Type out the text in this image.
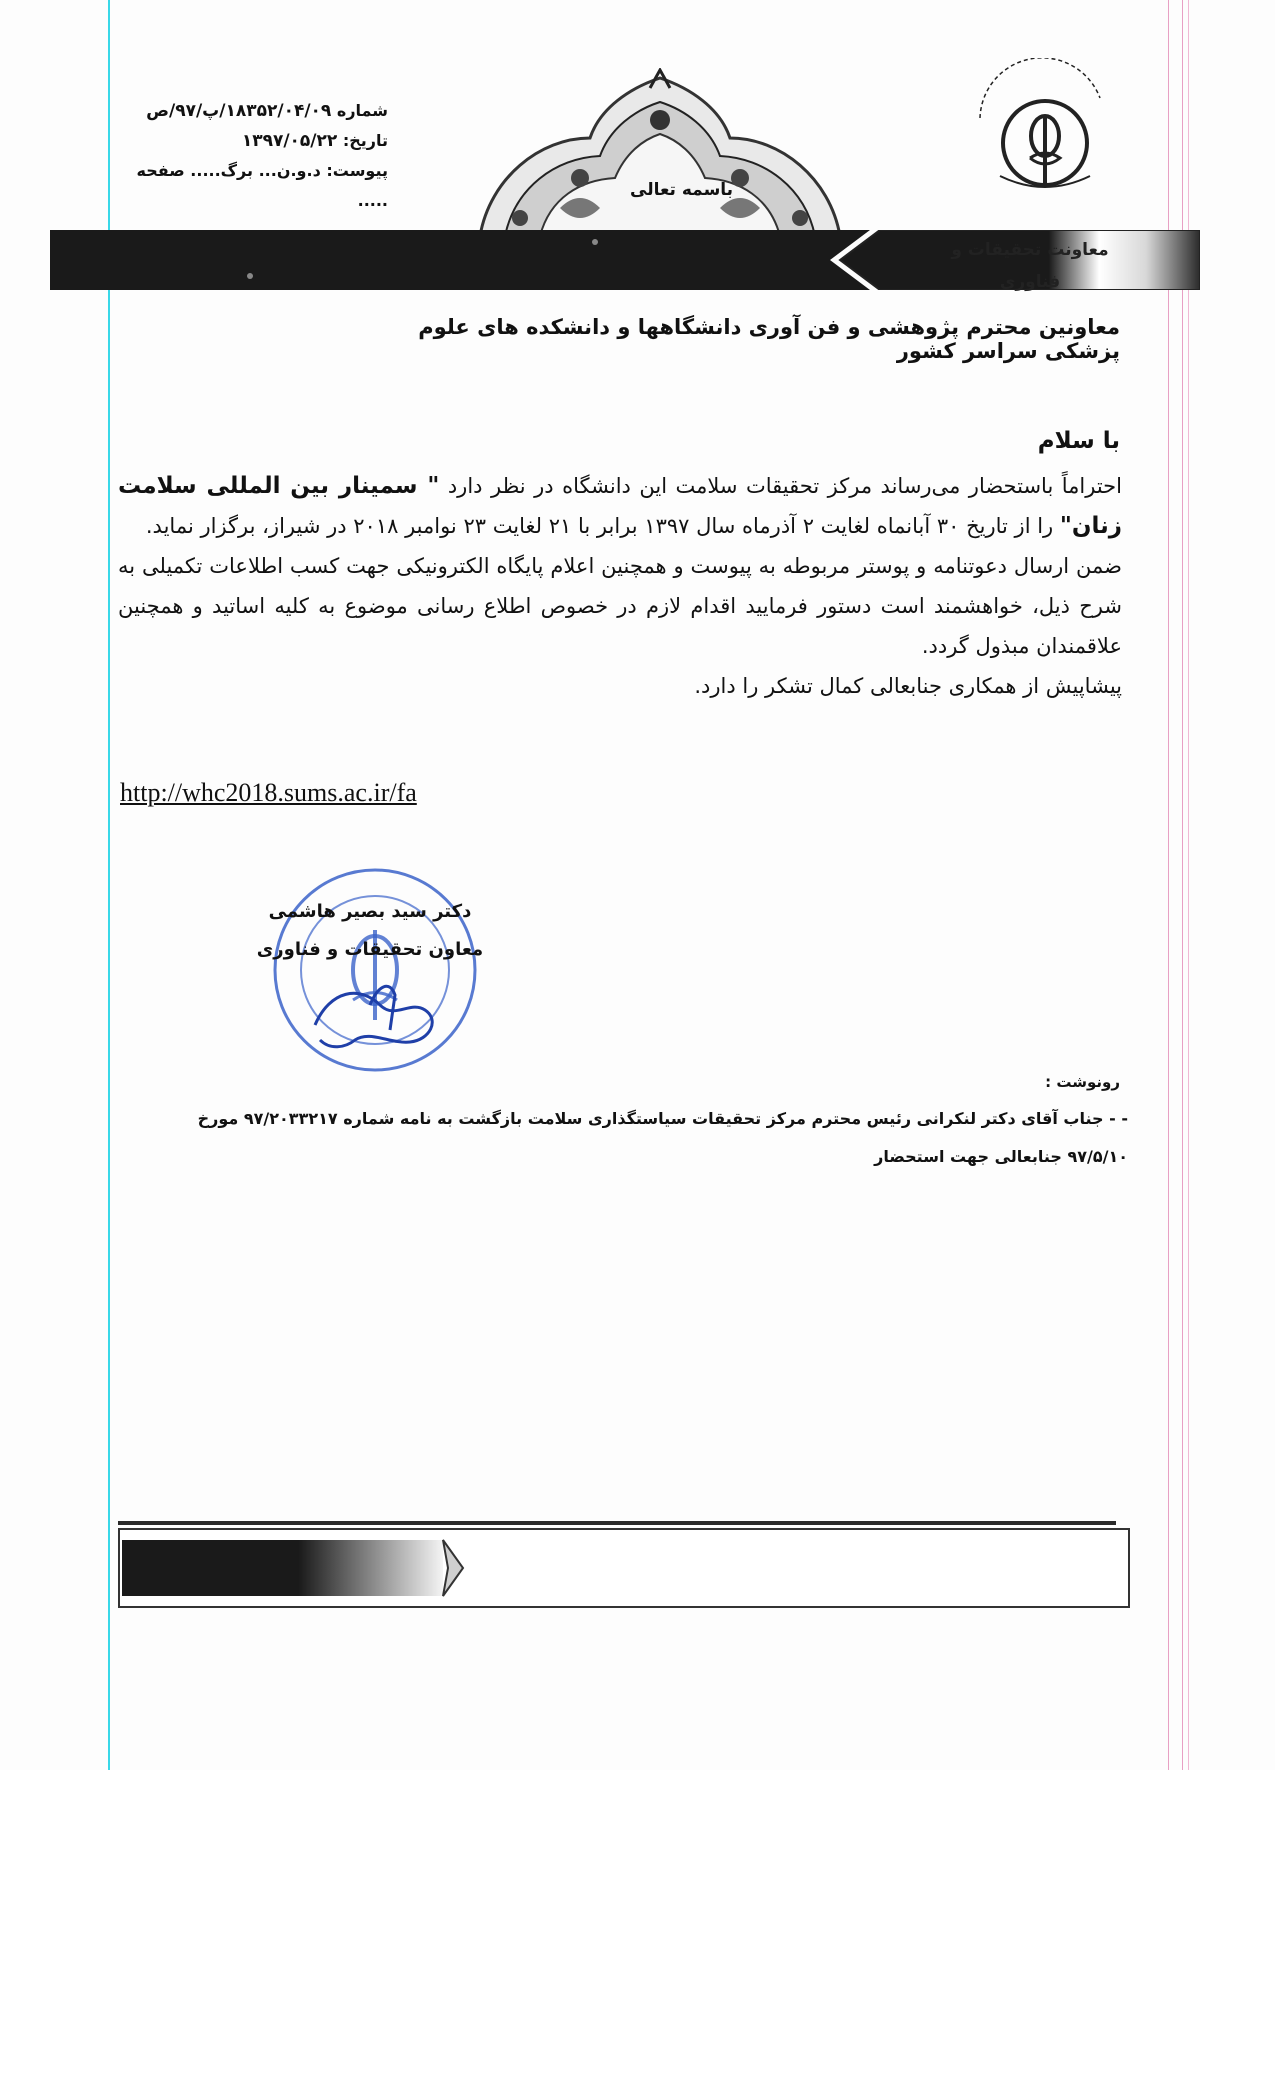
شماره ۱۸۳۵۲/۰۴/۰۹/پ/۹۷/ص
تاریخ: ۱۳۹۷/۰۵/۲۲
پیوست: د.و.ن... برگ..... صفحه .....
باسمه تعالی
معاونت تحقیقات و فناوری
معاونین محترم پژوهشی و فن آوری دانشگاهها و دانشکده های علوم پزشکی سراسر کشور
با سلام

احتراماً باستحضار می‌رساند مرکز تحقیقات سلامت این دانشگاه در نظر دارد " سمینار بین المللی سلامت زنان" را از تاریخ ۳۰ آبانماه لغایت ۲ آذرماه سال ۱۳۹۷ برابر با ۲۱ لغایت ۲۳ نوامبر ۲۰۱۸ در شیراز، برگزار نماید.

ضمن ارسال دعوتنامه و پوستر مربوطه به پیوست و همچنین اعلام پایگاه الکترونیکی جهت کسب اطلاعات تکمیلی به شرح ذیل، خواهشمند است دستور فرمایید اقدام لازم در خصوص اطلاع رسانی موضوع به کلیه اساتید و همچنین علاقمندان مبذول گردد.

پیشاپیش از همکاری جنابعالی کمال تشکر را دارد.

http://whc2018.sums.ac.ir/fa
دکتر سید بصیر هاشمی
معاون تحقیقات و فناوری
رونوشت :
- - جناب آقای دکتر لنکرانی رئیس محترم مرکز تحقیقات سیاستگذاری سلامت بازگشت به نامه شماره ۹۷/۲۰۳۳۲۱۷ مورخ
۹۷/۵/۱۰ جنابعالی جهت استحضار
